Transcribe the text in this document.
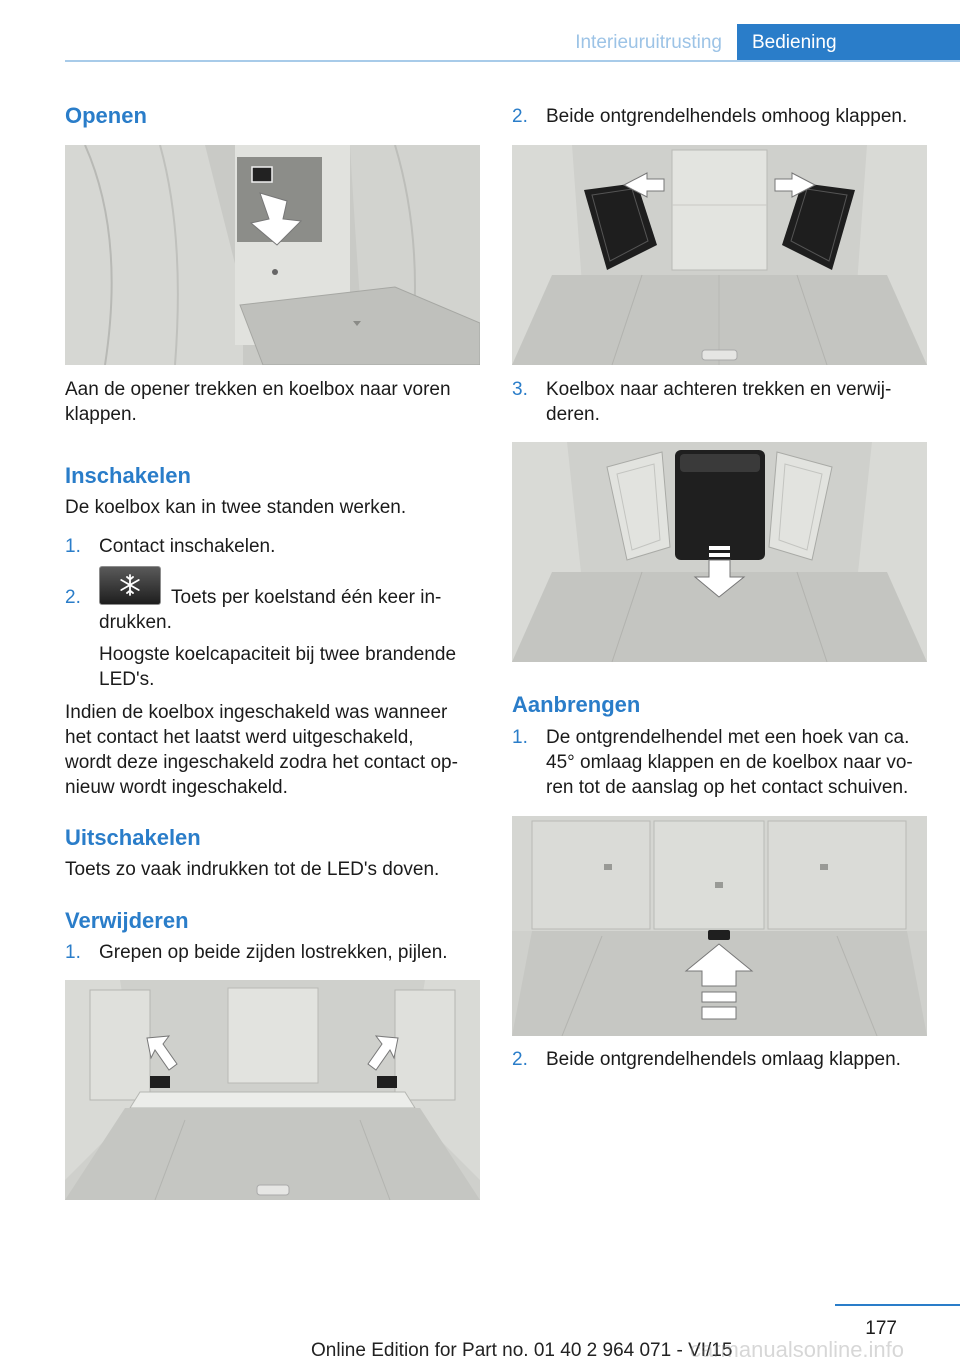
Interieuruitrusting Bediening
Openen
Aan de opener trekken en koelbox naar voren
klappen.
Inschakelen
De koelbox kan in twee standen werken.
1. Contact inschakelen.
2.	Toets per koelstand één keer in-
drukken.
Hoogste koelcapaciteit bij twee brandende
LED's.
Indien de koelbox ingeschakeld was wanneer
het contact het laatst werd uitgeschakeld,
wordt deze ingeschakeld zodra het contact op-
nieuw wordt ingeschakeld.
Uitschakelen
Toets zo vaak indrukken tot de LED's doven.
Verwijderen
1. Grepen op beide zijden lostrekken, pijlen.
2. Beide ontgrendelhendels omhoog klappen.
3. Koelbox naar achteren trekken en verwij-
deren.
Aanbrengen
1. De ontgrendelhendel met een hoek van ca.
45° omlaag klappen en de koelbox naar vo-
ren tot de aanslag op het contact schuiven.
2. Beide ontgrendelhendels omlaag klappen.
177
Online Edition for Part no. 01 40 2 964 071 - VI/15
carmanualsonline.info
